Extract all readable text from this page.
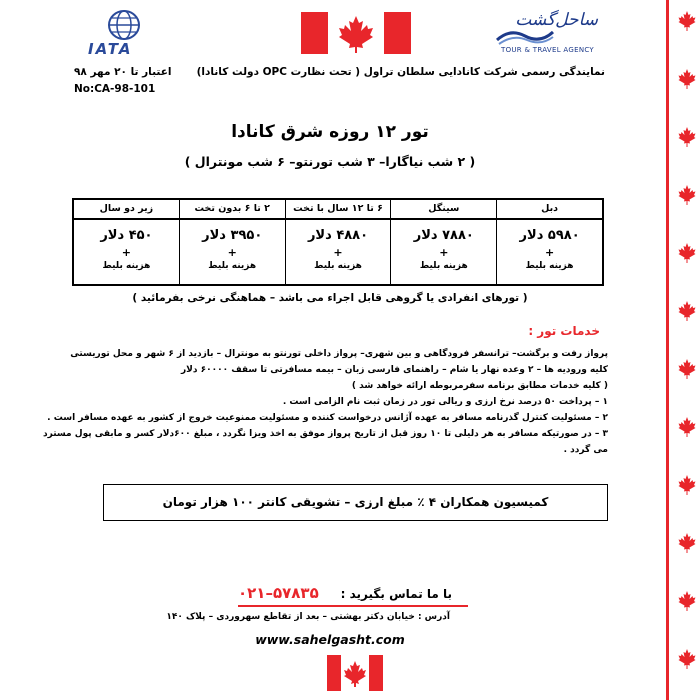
IATA
ساحل‌گشت
TOUR & TRAVEL AGENCY
نمایندگی رسمی شرکت کانادایی سلطان تراول ( تحت نظارت OPC دولت کانادا)
اعتبار تا ۲۰ مهر ۹۸
No:CA-98-101
تور ۱۲ روزه شرق کانادا
( ۲ شب نیاگارا– ۳ شب تورنتو– ۶ شب مونترال )
دبل
۵۹۸۰ دلار
+
هزینه بلیط
سینگل
۷۸۸۰ دلار
+
هزینه بلیط
۶ تا ۱۲ سال با تخت
۴۸۸۰ دلار
+
هزینه بلیط
۲ تا ۶ بدون تخت
۳۹۵۰ دلار
+
هزینه بلیط
زیر دو سال
۴۵۰ دلار
+
هزینه بلیط
( تورهای انفرادی یا گروهی قابل اجراء می باشد – هماهنگی نرخی بفرمائید )
خدمات تور :
پرواز رفت و برگشت– ترانسفر فرودگاهی و بین شهری– پرواز داخلی تورنتو به مونترال – بازدید از ۶ شهر و محل توریستی
کلیه ورودیه ها – ۲ وعده نهار یا شام – راهنمای فارسی زبان – بیمه مسافرتی تا سقف ۶۰۰۰۰ دلار
( کلیه خدمات مطابق برنامه سفرمربوطه ارائه خواهد شد )
۱ – پرداخت ۵۰ درصد نرخ ارزی و ریالی تور در زمان ثبت نام الزامی است .
۲ – مسئولیت کنترل گذرنامه مسافر به عهده آژانس درخواست کننده و مسئولیت ممنوعیت خروج از کشور به عهده مسافر است .
۳ – در صورتیکه مسافر به هر دلیلی تا ۱۰ روز قبل از تاریخ پرواز موفق به اخذ ویزا نگردد ، مبلغ ۶۰۰دلار کسر و مابقی پول مسترد
می گردد .
کمیسیون همکاران ۴ ٪ مبلغ ارزی – تشویقی کانتر ۱۰۰ هزار تومان
با ما تماس بگیرید :
۰۲۱–۵۷۸۳۵
آدرس : خیابان دکتر بهشتی – بعد از تقاطع سهروردی – پلاک ۱۴۰
www.sahelgasht.com
